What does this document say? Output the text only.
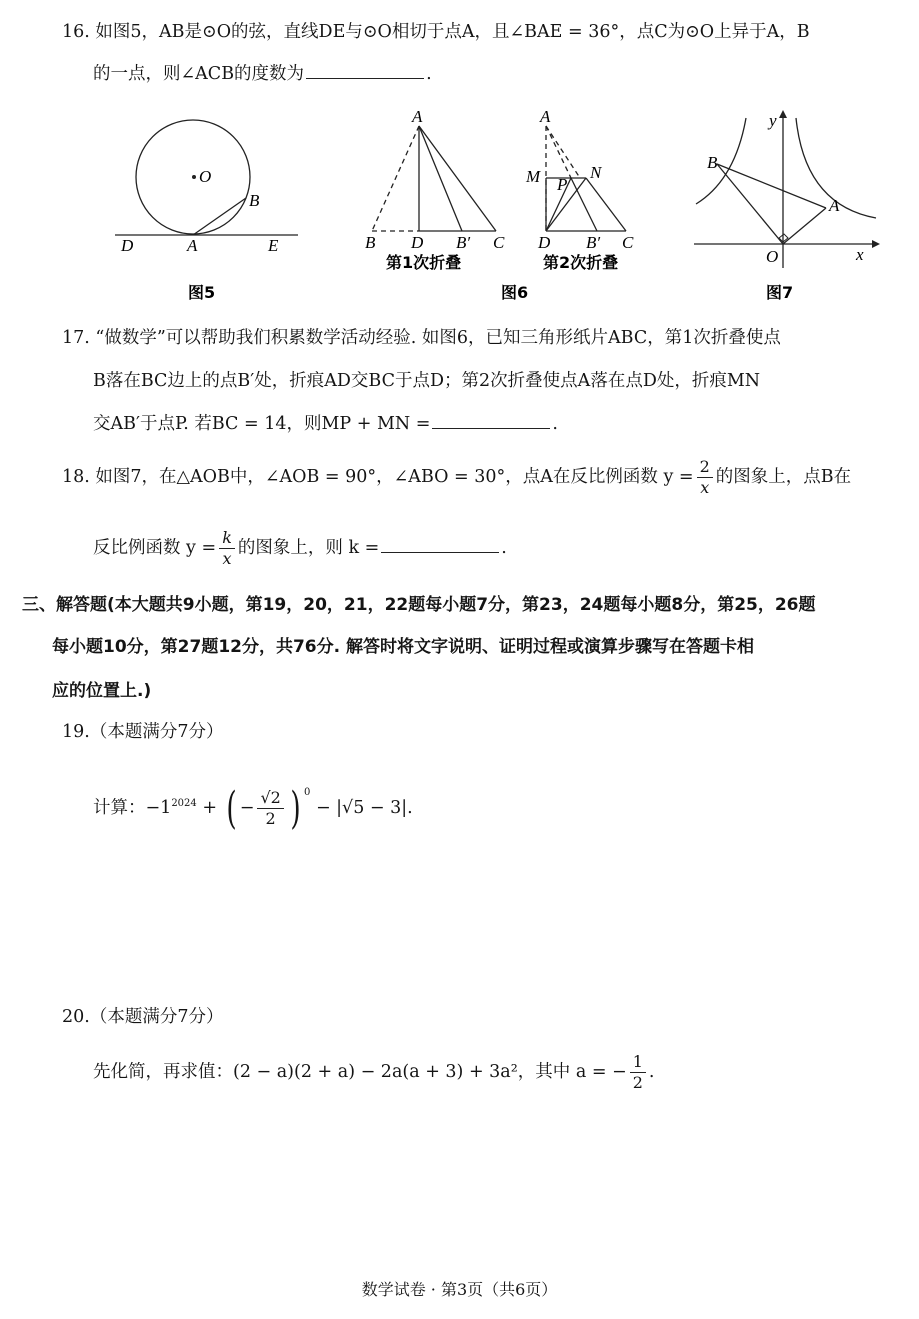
16. 如图5，AB是⊙O的弦，直线DE与⊙O相切于点A，且∠BAE = 36°，点C为⊙O上异于A，B
的一点，则∠ACB的度数为	.
O
B
D	A	E
图5
A
B D B′ C
第1次折叠
A
M	N
P
D B′ C
第2次折叠
图6
y
B
A
O	x
图7
17. “做数学”可以帮助我们积累数学活动经验. 如图6，已知三角形纸片ABC，第1次折叠使点
B落在BC边上的点B′处，折痕AD交BC于点D；第2次折叠使点A落在点D处，折痕MN
交AB′于点P. 若BC = 14，则MP + MN =	.
18. 如图7，在△AOB中，∠AOB = 90°，∠ABO = 30°，点A在反比例函数 $y = \frac{2}{x}$ 的图象上，点B在
反比例函数 $y = \frac{k}{x}$ 的图象上，则 k =	.
三、解答题(本大题共9小题，第19，20，21，22题每小题7分，第23，24题每小题8分，第25，26题
每小题10分，第27题12分，共76分. 解答时将文字说明、证明过程或演算步骤写在答题卡相
应的位置上.)
19.（本题满分7分）
计算：$-1^{2024}$ + ( − $\frac{√2}{2}$ ) $^0$ − |√5 − 3|.
20.（本题满分7分）
先化简，再求值：(2 − a)(2 + a) − 2a(a + 3) + 3a²，其中 a = − $\frac{1}{2}$ .
数学试卷 · 第3页（共6页）
